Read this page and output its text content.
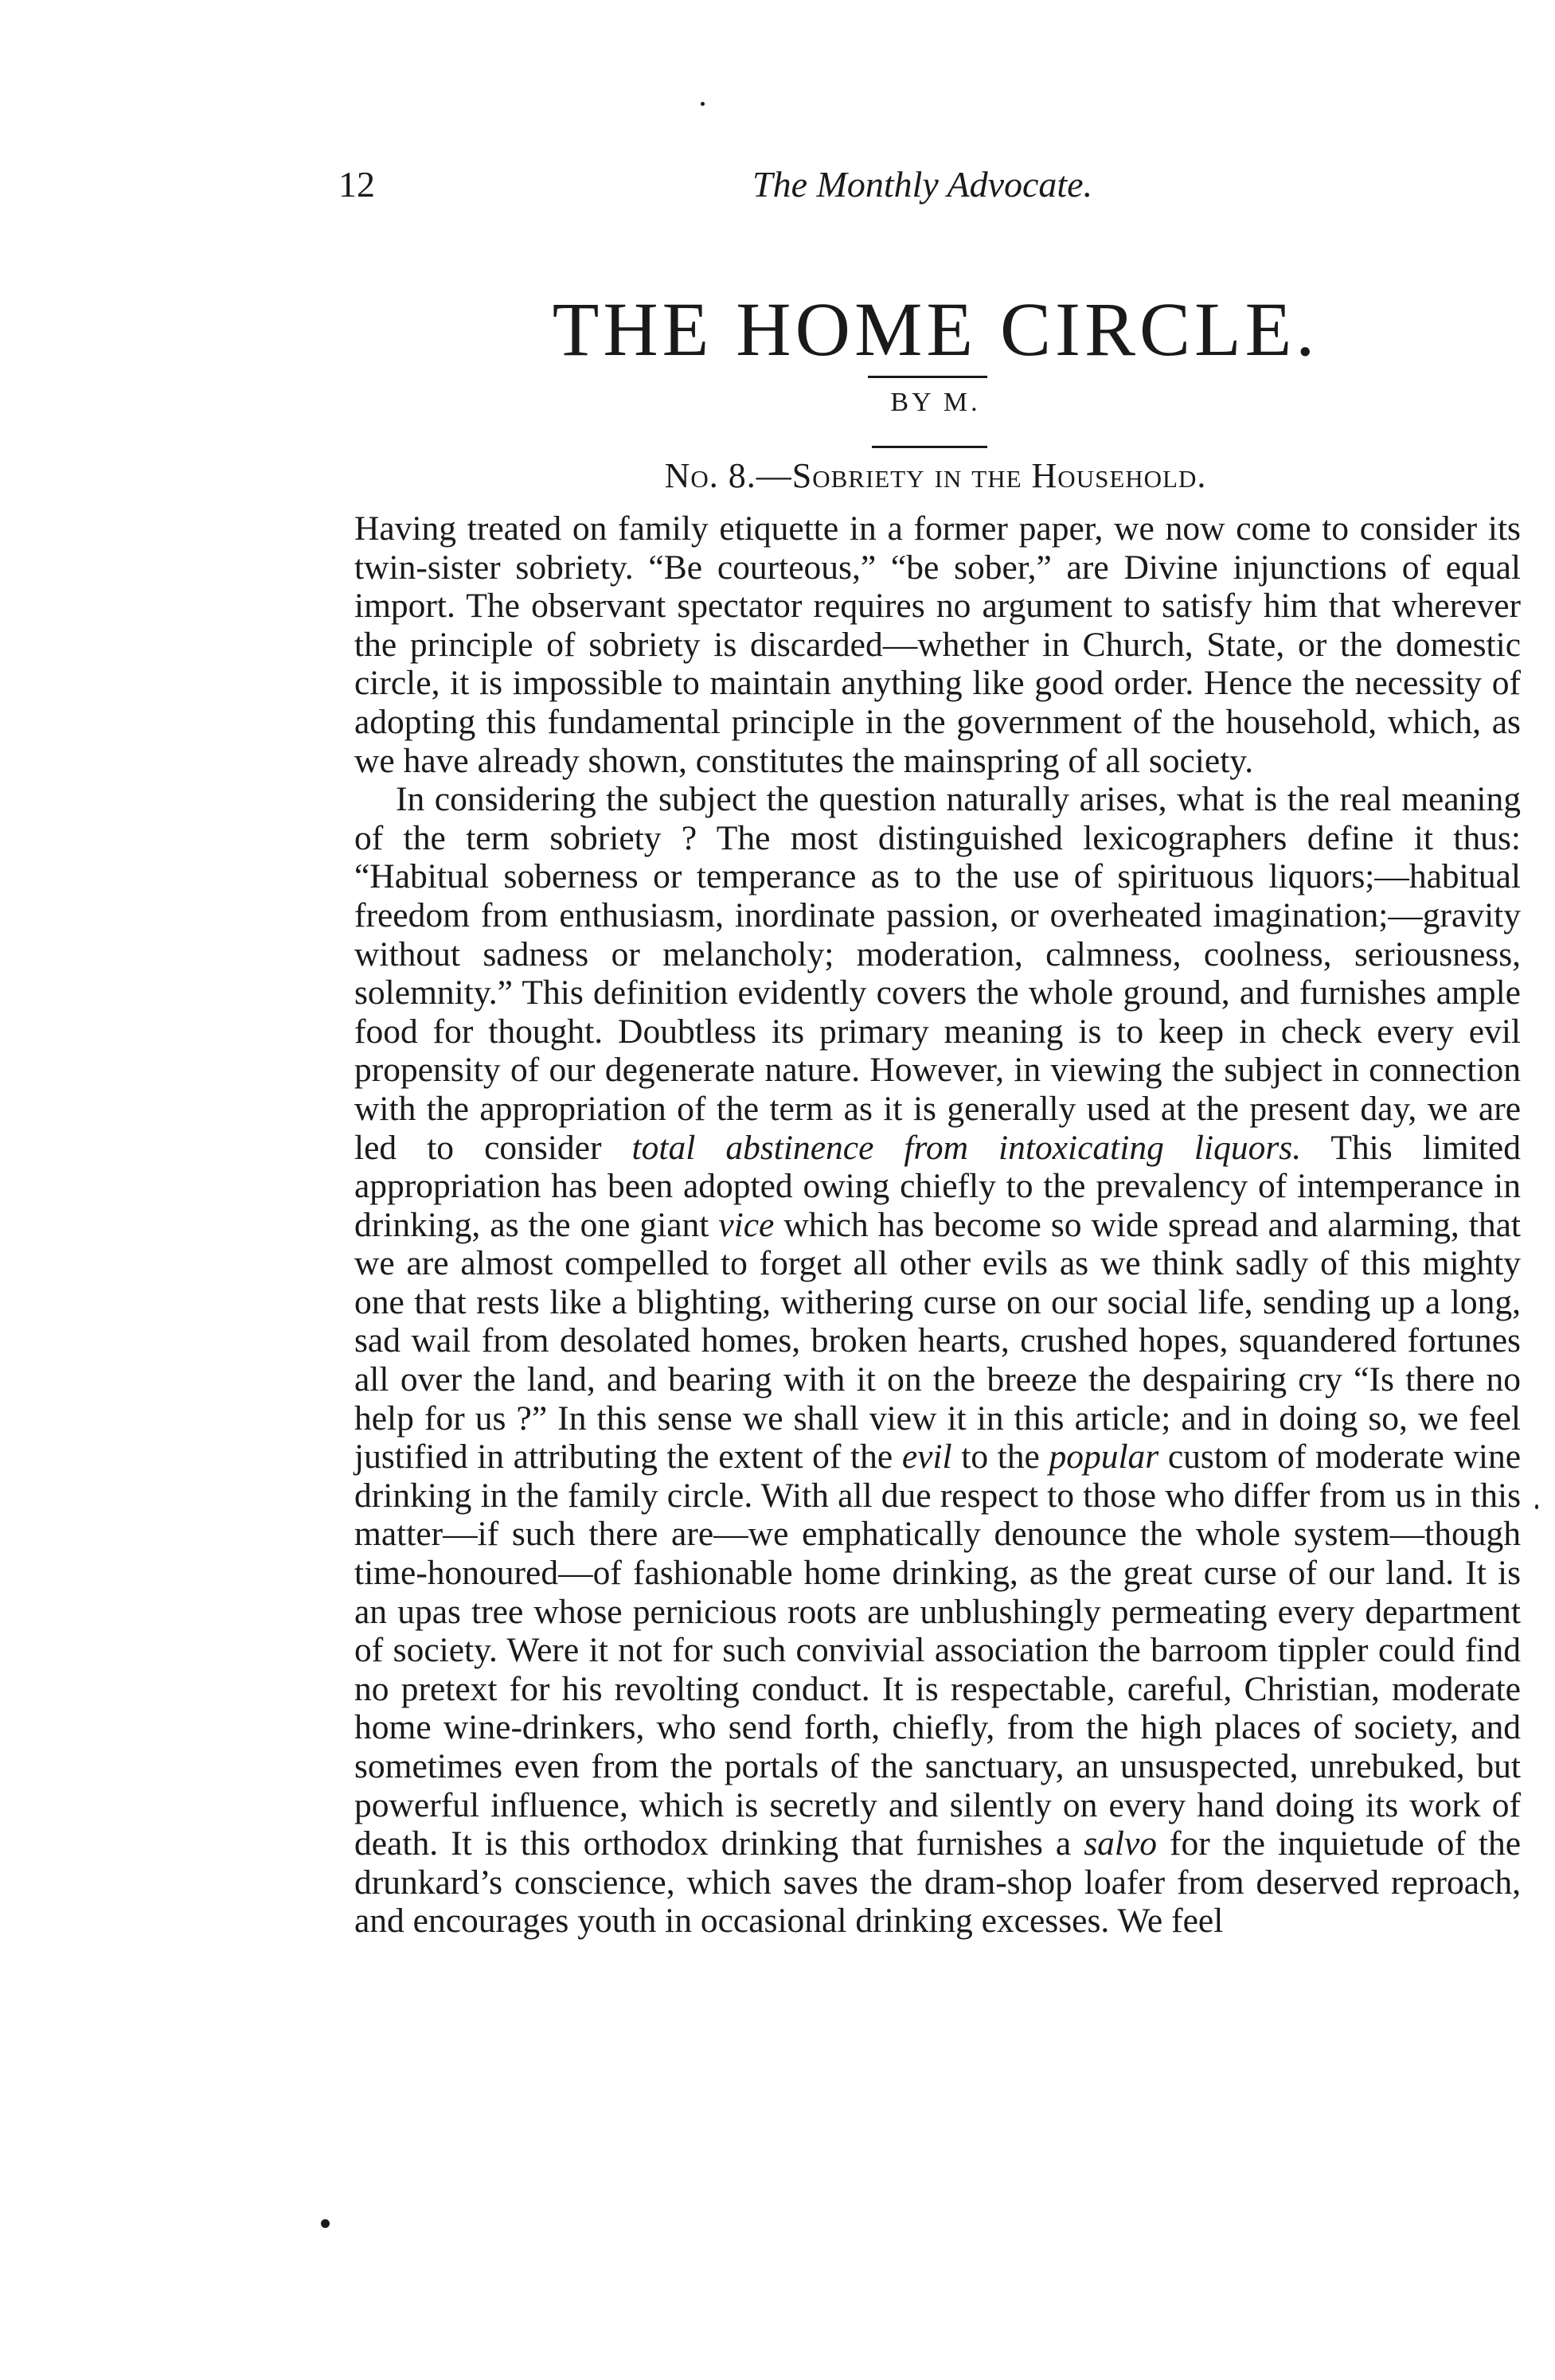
12	The Monthly Advocate.
THE HOME CIRCLE.
BY M.
No. 8.—Sobriety in the Household.

Having treated on family etiquette in a former paper, we now come to consider its twin-sister sobriety. “Be courteous,” “be sober,” are Divine injunctions of equal import. The observant spectator requires no argument to satisfy him that wherever the principle of sobriety is discarded—whether in Church, State, or the domestic circle, it is impossible to maintain anything like good order. Hence the necessity of adopting this fundamental principle in the government of the household, which, as we have already shown, constitutes the mainspring of all society.

In considering the subject the question naturally arises, what is the real meaning of the term sobriety ? The most distinguished lexicographers define it thus: “Habitual soberness or temperance as to the use of spirituous liquors;—habitual freedom from enthusiasm, inordinate passion, or overheated imagination;—gravity without sadness or melancholy; moderation, calmness, coolness, seriousness, solemnity.” This definition evidently covers the whole ground, and furnishes ample food for thought. Doubtless its primary meaning is to keep in check every evil propensity of our degenerate nature. However, in viewing the subject in connection with the appropriation of the term as it is generally used at the present day, we are led to consider total abstinence from intoxicating liquors. This limited appropriation has been adopted owing chiefly to the prevalency of intemperance in drinking, as the one giant vice which has become so wide spread and alarming, that we are almost compelled to forget all other evils as we think sadly of this mighty one that rests like a blighting, withering curse on our social life, sending up a long, sad wail from desolated homes, broken hearts, crushed hopes, squandered fortunes all over the land, and bearing with it on the breeze the despairing cry “Is there no help for us ?” In this sense we shall view it in this article; and in doing so, we feel justified in attributing the extent of the evil to the popular custom of moderate wine drinking in the family circle. With all due respect to those who differ from us in this matter—if such there are—we emphatically denounce the whole system—though time-honoured—of fashionable home drinking, as the great curse of our land. It is an upas tree whose pernicious roots are unblushingly permeating every department of society. Were it not for such convivial association the barroom tippler could find no pretext for his revolting conduct. It is respectable, careful, Christian, moderate home wine-drinkers, who send forth, chiefly, from the high places of society, and sometimes even from the portals of the sanctuary, an unsuspected, unrebuked, but powerful influence, which is secretly and silently on every hand doing its work of death. It is this orthodox drinking that furnishes a salvo for the inquietude of the drunkard’s conscience, which saves the dram-shop loafer from deserved reproach, and encourages youth in occasional drinking excesses. We feel
